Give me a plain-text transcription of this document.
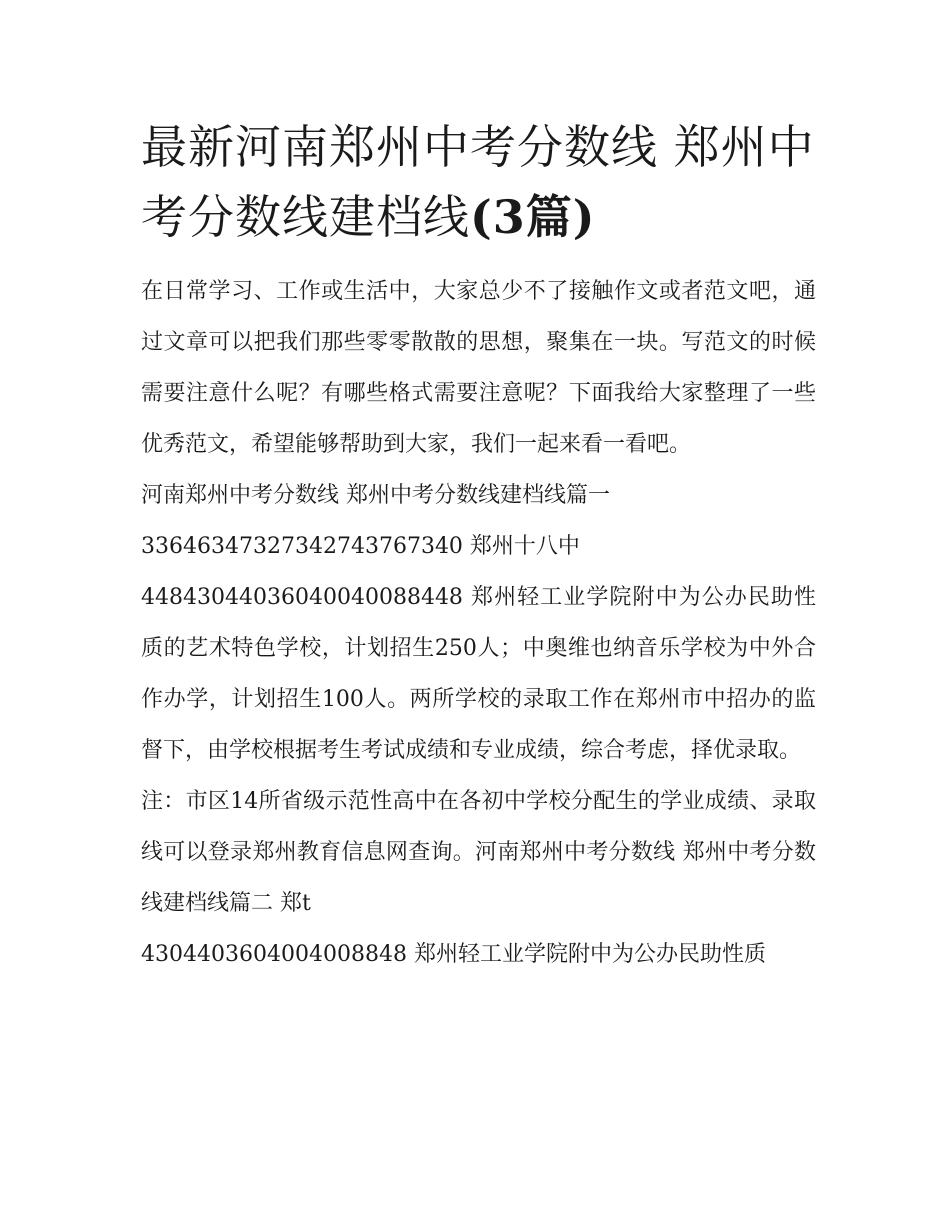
最新河南郑州中考分数线 郑州中考分数线建档线(3篇)

在日常学习、工作或生活中，大家总少不了接触作文或者范文吧，通过文章可以把我们那些零零散散的思想，聚集在一块。写范文的时候需要注意什么呢？有哪些格式需要注意呢？下面我给大家整理了一些优秀范文，希望能够帮助到大家，我们一起来看一看吧。

河南郑州中考分数线 郑州中考分数线建档线篇一

336463473273427437673​40 郑州十八中

44843044036040040088448 郑州轻工业学院附中为公办民助性质的艺术特色学校，计划招生250人；中奥维也纳音乐学校为中外合作办学，计划招生100人。两所学校的录取工作在郑州市中招办的监督下，由学校根据考生考试成绩和专业成绩，综合考虑，择优录取。

注：市区14所省级示范性高中在各初中学校分配生的学业成绩、录取线可以登录郑州教育信息网查询。河南郑州中考分数线 郑州中考分数线建档线篇二 郑t

4304403604004008848 郑州轻工业学院附中为公办民助性质
